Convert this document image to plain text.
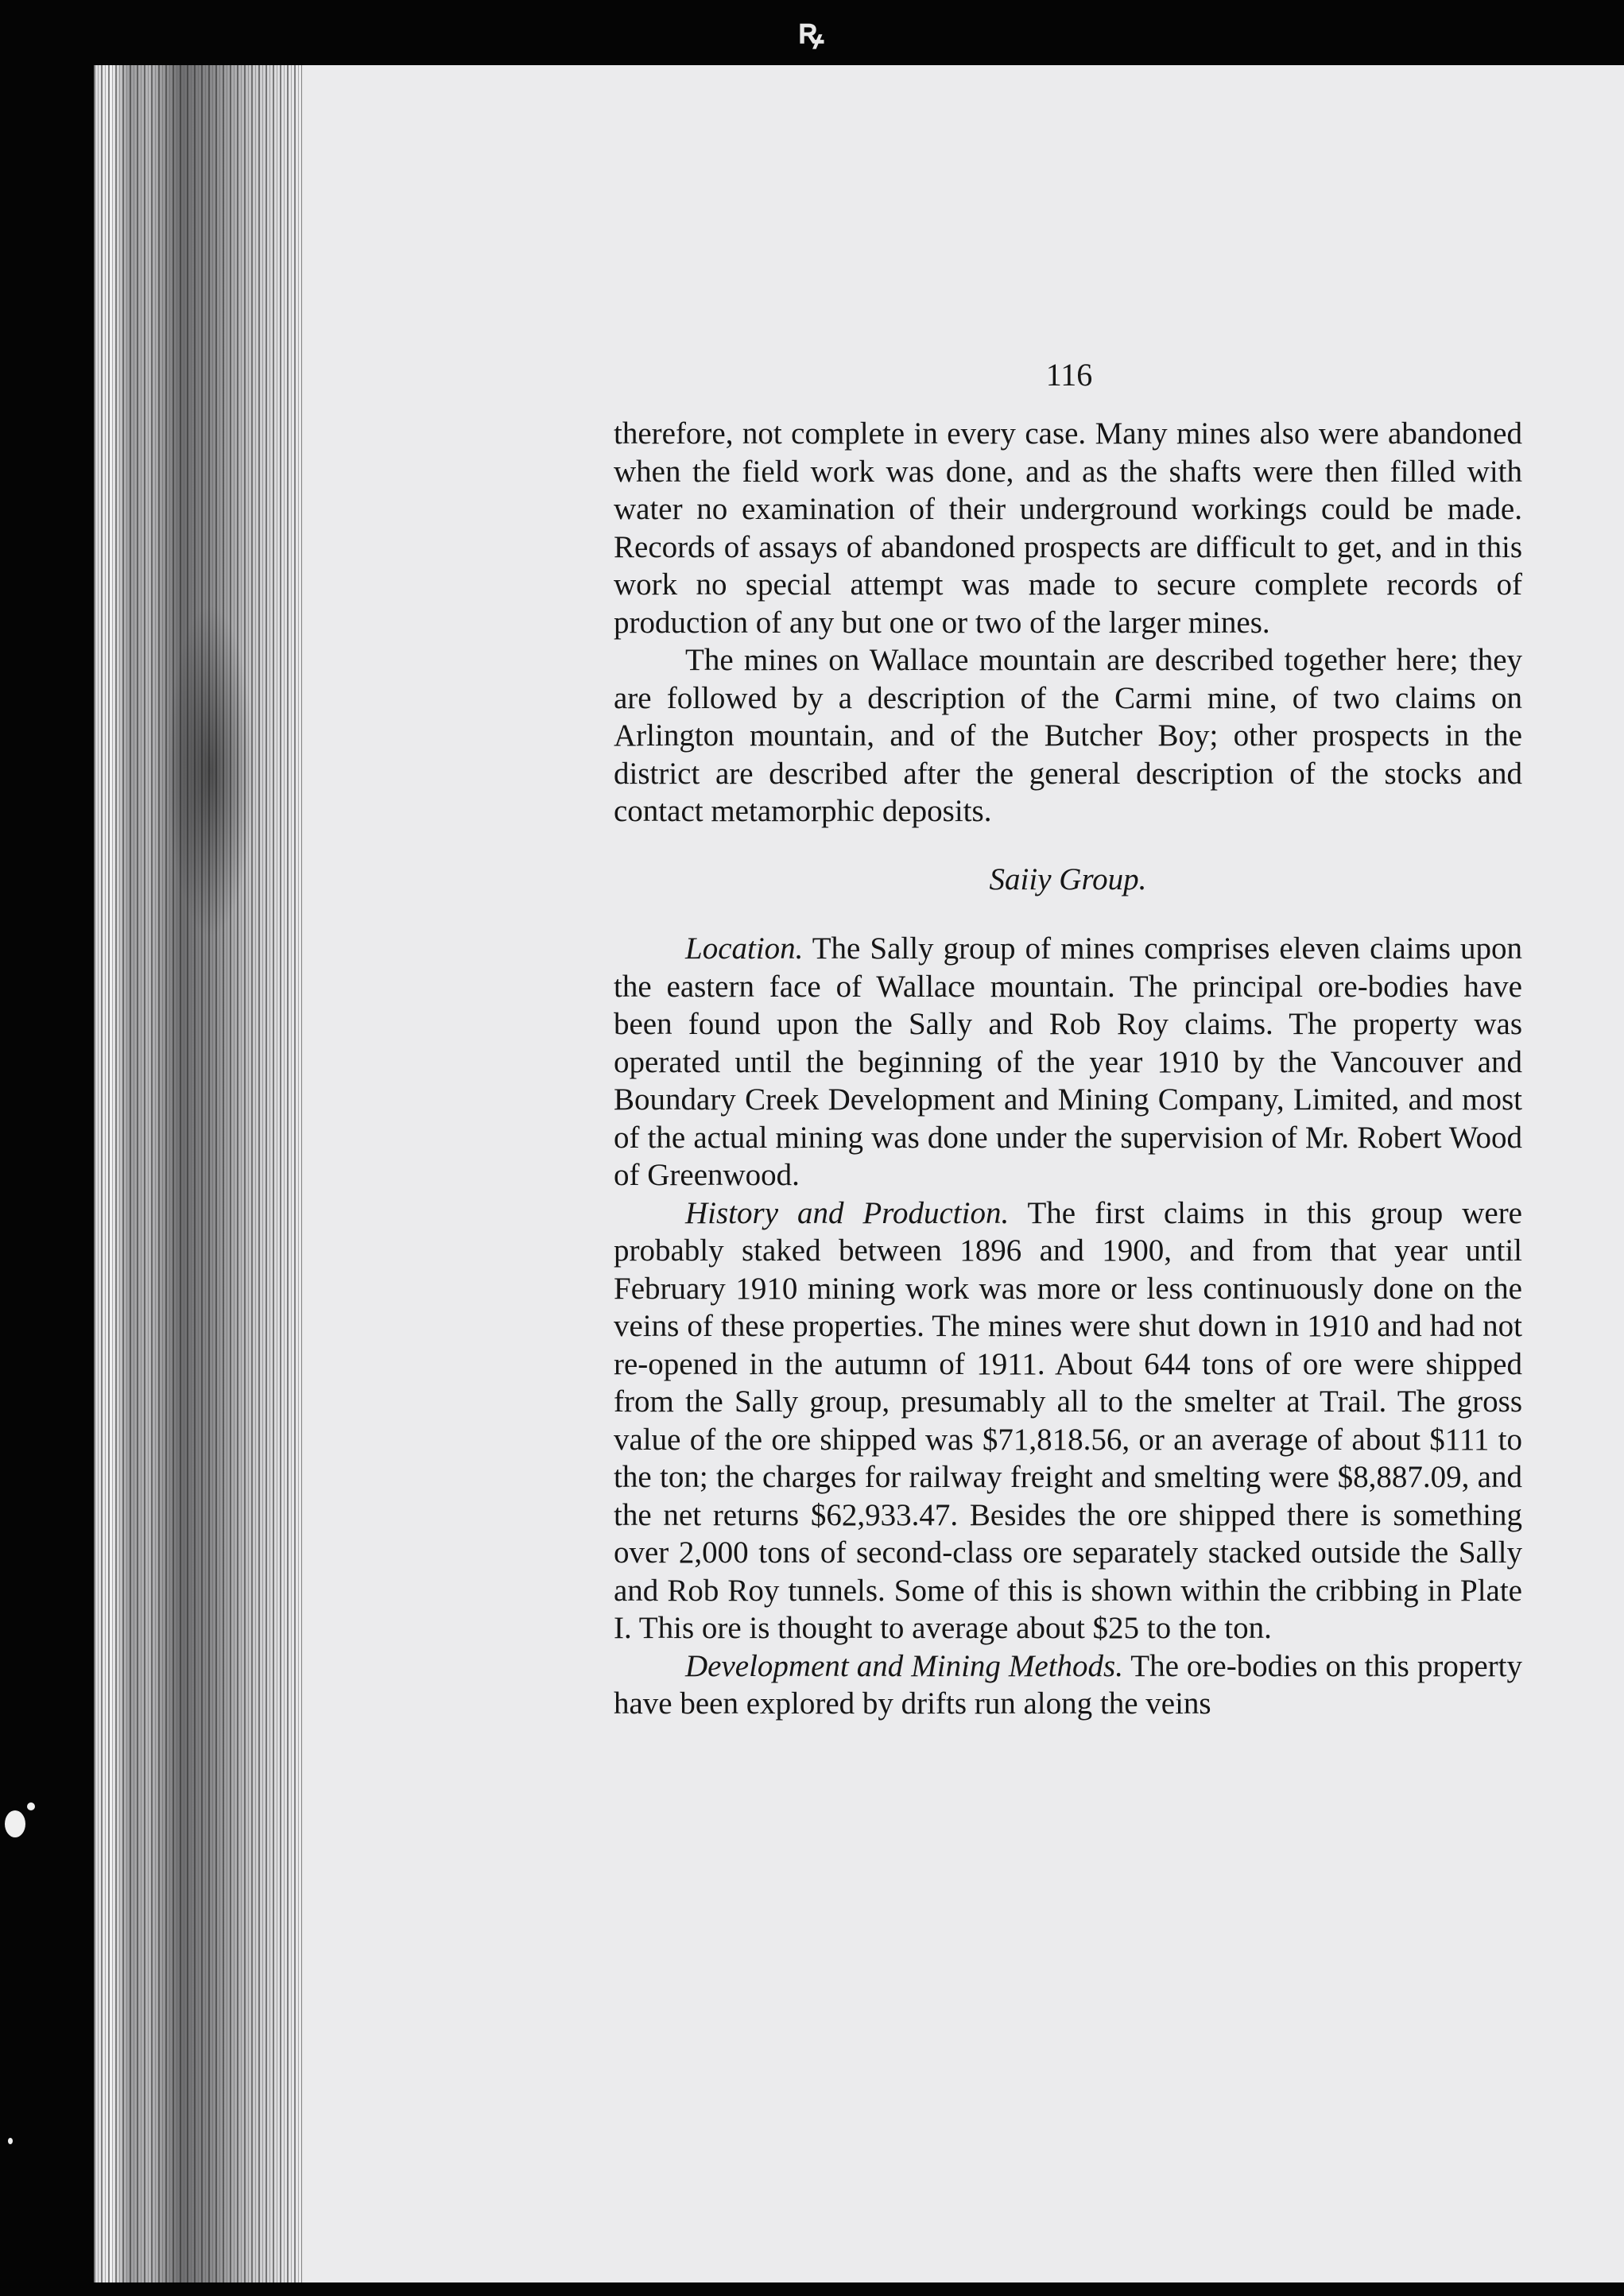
ꝶ
116

therefore, not complete in every case. Many mines also were abandoned when the field work was done, and as the shafts were then filled with water no examination of their underground workings could be made. Records of assays of abandoned prospects are difficult to get, and in this work no special attempt was made to secure complete records of production of any but one or two of the larger mines.

The mines on Wallace mountain are described together here; they are followed by a description of the Carmi mine, of two claims on Arlington mountain, and of the Butcher Boy; other prospects in the district are described after the general description of the stocks and contact metamorphic deposits.

Saiiy Group.

Location. The Sally group of mines comprises eleven claims upon the eastern face of Wallace mountain. The principal ore-bodies have been found upon the Sally and Rob Roy claims. The property was operated until the beginning of the year 1910 by the Vancouver and Boundary Creek Development and Mining Company, Limited, and most of the actual mining was done under the supervision of Mr. Robert Wood of Greenwood.

History and Production. The first claims in this group were probably staked between 1896 and 1900, and from that year until February 1910 mining work was more or less continuously done on the veins of these properties. The mines were shut down in 1910 and had not re-opened in the autumn of 1911. About 644 tons of ore were shipped from the Sally group, presumably all to the smelter at Trail. The gross value of the ore shipped was $71,818.56, or an average of about $111 to the ton; the charges for railway freight and smelting were $8,887.09, and the net returns $62,933.47. Besides the ore shipped there is something over 2,000 tons of second-class ore separately stacked outside the Sally and Rob Roy tunnels. Some of this is shown within the cribbing in Plate I. This ore is thought to average about $25 to the ton.

Development and Mining Methods. The ore-bodies on this property have been explored by drifts run along the veins
